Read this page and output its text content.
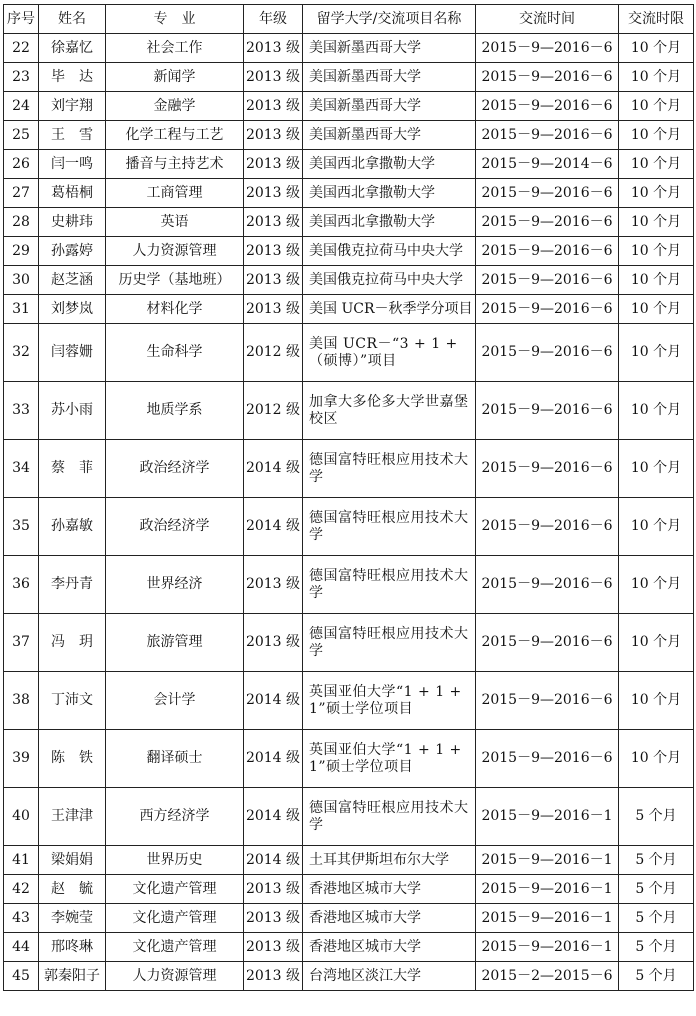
序号	姓名	专　业	年级	留学大学/交流项目名称	交流时间	交流时限
22	徐嘉忆	社会工作	2013 级	美国新墨西哥大学	2015－9—2016－6	10 个月
23	毕　达	新闻学	2013 级	美国新墨西哥大学	2015－9—2016－6	10 个月
24	刘宇翔	金融学	2013 级	美国新墨西哥大学	2015－9—2016－6	10 个月
25	王　雪	化学工程与工艺	2013 级	美国新墨西哥大学	2015－9—2016－6	10 个月
26	闫一鸣	播音与主持艺术	2013 级	美国西北拿撒勒大学	2015－9—2014－6	10 个月
27	葛梧桐	工商管理	2013 级	美国西北拿撒勒大学	2015－9—2016－6	10 个月
28	史耕玮	英语	2013 级	美国西北拿撒勒大学	2015－9—2016－6	10 个月
29	孙露婷	人力资源管理	2013 级	美国俄克拉荷马中央大学	2015－9—2016－6	10 个月
30	赵芝涵	历史学（基地班）	2013 级	美国俄克拉荷马中央大学	2015－9—2016－6	10 个月
31	刘梦岚	材料化学	2013 级	美国 UCR－秋季学分项目	2015－9—2016－6	10 个月
32	闫蓉姗	生命科学	2012 级	美国 UCR－“3 + 1 + （硕博）”项目	2015－9—2016－6	10 个月
33	苏小雨	地质学系	2012 级	加拿大多伦多大学世嘉堡校区	2015－9—2016－6	10 个月
34	蔡　菲	政治经济学	2014 级	德国富特旺根应用技术大学	2015－9—2016－6	10 个月
35	孙嘉敏	政治经济学	2014 级	德国富特旺根应用技术大学	2015－9—2016－6	10 个月
36	李丹青	世界经济	2013 级	德国富特旺根应用技术大学	2015－9—2016－6	10 个月
37	冯　玥	旅游管理	2013 级	德国富特旺根应用技术大学	2015－9—2016－6	10 个月
38	丁沛文	会计学	2014 级	英国亚伯大学“1 + 1 + 1”硕士学位项目	2015－9—2016－6	10 个月
39	陈　铁	翻译硕士	2014 级	英国亚伯大学“1 + 1 + 1”硕士学位项目	2015－9—2016－6	10 个月
40	王津津	西方经济学	2014 级	德国富特旺根应用技术大学	2015－9—2016－1	5 个月
41	梁娟娟	世界历史	2014 级	土耳其伊斯坦布尔大学	2015－9—2016－1	5 个月
42	赵　毓	文化遗产管理	2013 级	香港地区城市大学	2015－9—2016－1	5 个月
43	李婉莹	文化遗产管理	2013 级	香港地区城市大学	2015－9—2016－1	5 个月
44	邢咚琳	文化遗产管理	2013 级	香港地区城市大学	2015－9—2016－1	5 个月
45	郭秦阳子	人力资源管理	2013 级	台湾地区淡江大学	2015－2—2015－6	5 个月
